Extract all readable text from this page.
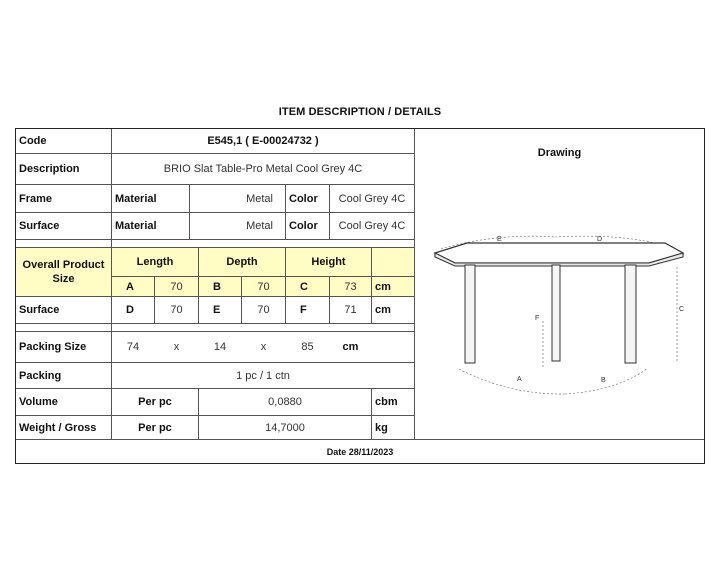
ITEM DESCRIPTION / DETAILS
Code	E545,1 ( E-00024732 )
Description	BRIO Slat Table-Pro Metal Cool Grey 4C
Frame	Material	Metal	Color	Cool Grey 4C
Surface	Material	Metal	Color	Cool Grey 4C
Overall Product Size
Length	Depth	Height
A	70	B	70	C	73	cm
Surface	D	70	E	70	F	71	cm
Packing Size	74	x	14	x	85	cm
Packing	1 pc / 1 ctn
Volume	Per pc	0,0880	cbm
Weight / Gross	Per pc	14,7000	kg
Drawing
E	D
C
F
A	B
Date 28/11/2023
